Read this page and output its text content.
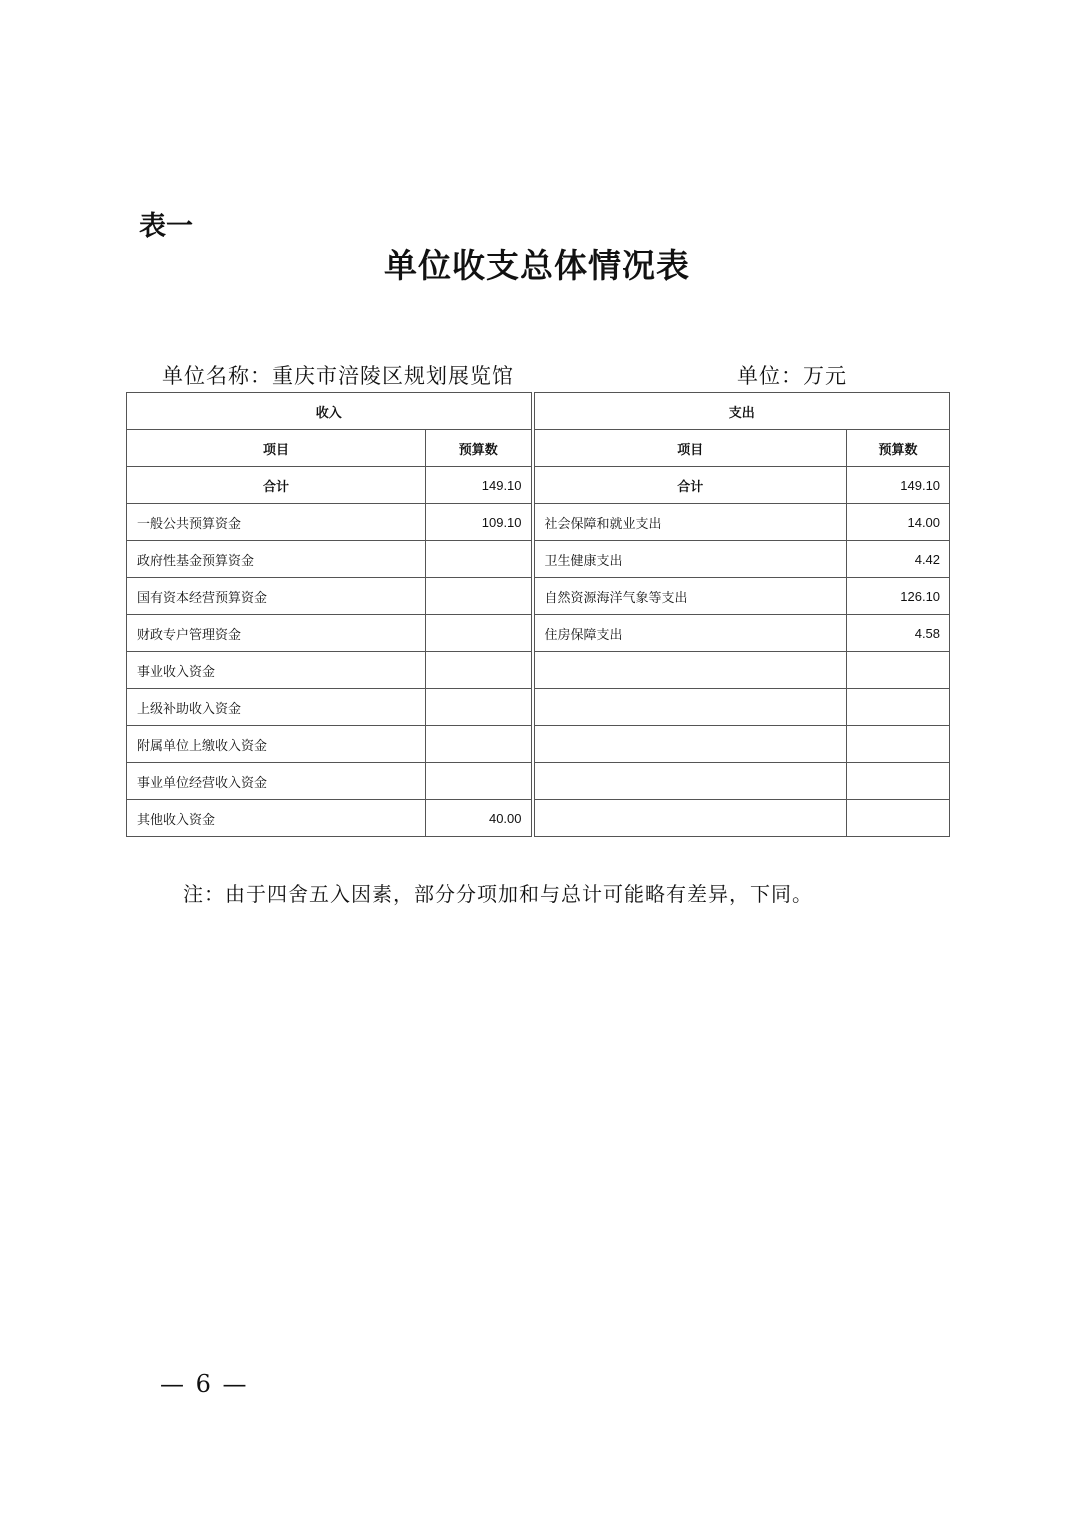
表一
单位收支总体情况表
单位名称：重庆市涪陵区规划展览馆	单位：万元
收入		支出	
项目	预算数	项目	预算数
合计	149.10	合计	149.10
一般公共预算资金	109.10	社会保障和就业支出	14.00
政府性基金预算资金		卫生健康支出	4.42
国有资本经营预算资金		自然资源海洋气象等支出	126.10
财政专户管理资金		住房保障支出	4.58
事业收入资金			
上级补助收入资金			
附属单位上缴收入资金			
事业单位经营收入资金			
其他收入资金	40.00		
注：由于四舍五入因素，部分分项加和与总计可能略有差异，下同。
— 6 —
